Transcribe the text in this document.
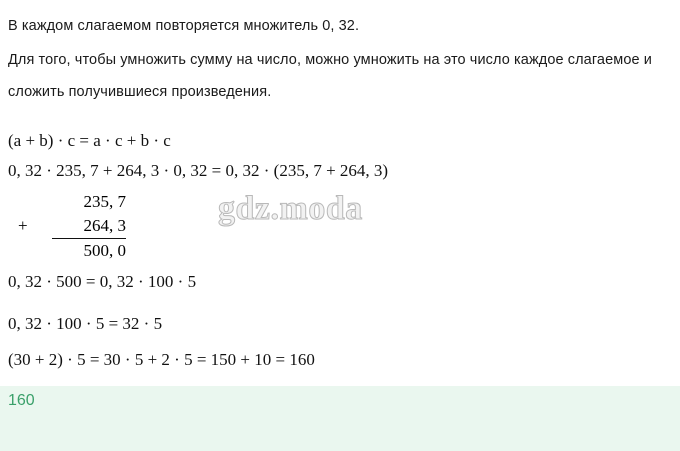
В каждом слагаемом повторяется множитель 0, 32.

Для того, чтобы умножить сумму на число, можно умножить на это число каждое слагаемое и сложить получившиеся произведения.

(a + b) · c = a · c + b · c

0, 32 · 235, 7 + 264, 3 · 0, 32 = 0, 32 · (235, 7 + 264, 3)

235, 7
+	264, 3
500, 0

0, 32 · 500 = 0, 32 · 100 · 5

0, 32 · 100 · 5 = 32 · 5

(30 + 2) · 5 = 30 · 5 + 2 · 5 = 150 + 10 = 160

gdz.moda
160
